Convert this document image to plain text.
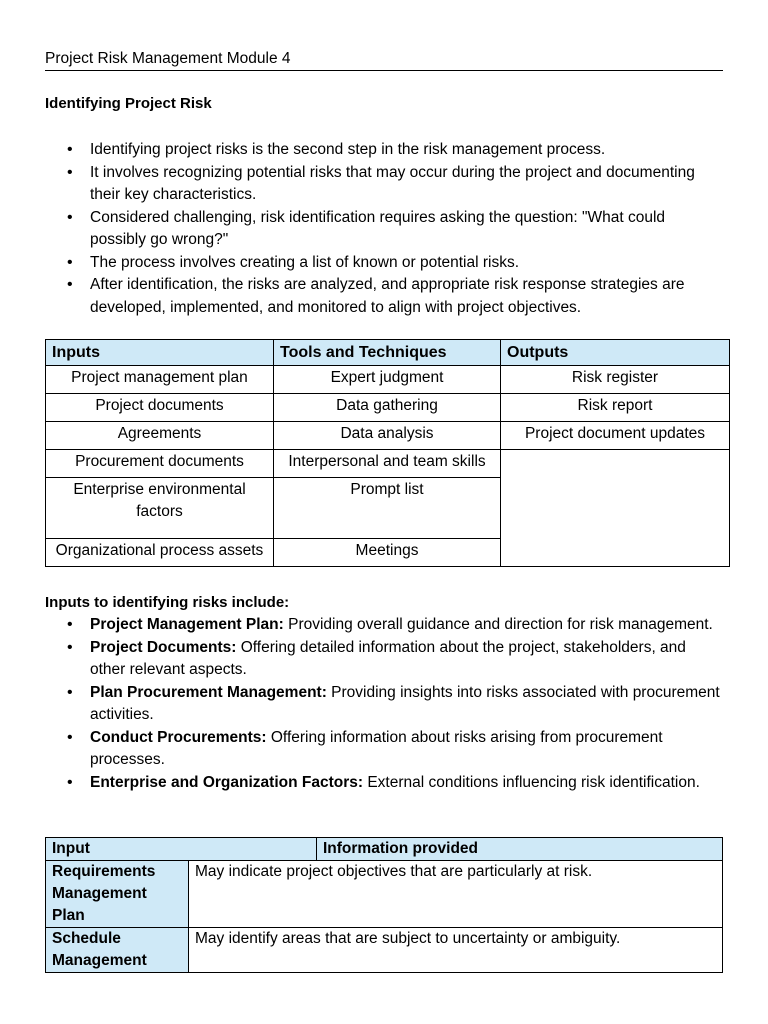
Project Risk Management Module 4
Identifying Project Risk
• Identifying project risks is the second step in the risk management process.
• It involves recognizing potential risks that may occur during the project and documenting their key characteristics.
• Considered challenging, risk identification requires asking the question: "What could possibly go wrong?"
• The process involves creating a list of known or potential risks.
• After identification, the risks are analyzed, and appropriate risk response strategies are developed, implemented, and monitored to align with project objectives.
Inputs	Tools and Techniques	Outputs
Project management plan	Expert judgment	Risk register
Project documents	Data gathering	Risk report
Agreements	Data analysis	Project document updates
Procurement documents	Interpersonal and team skills	
Enterprise environmental factors	Prompt list	
Organizational process assets	Meetings	
Inputs to identifying risks include:
• Project Management Plan: Providing overall guidance and direction for risk management.
• Project Documents: Offering detailed information about the project, stakeholders, and other relevant aspects.
• Plan Procurement Management: Providing insights into risks associated with procurement activities.
• Conduct Procurements: Offering information about risks arising from procurement processes.
• Enterprise and Organization Factors: External conditions influencing risk identification.
Input		Information provided
Requirements Management Plan	May indicate project objectives that are particularly at risk.	
Schedule Management	May identify areas that are subject to uncertainty or ambiguity.	
